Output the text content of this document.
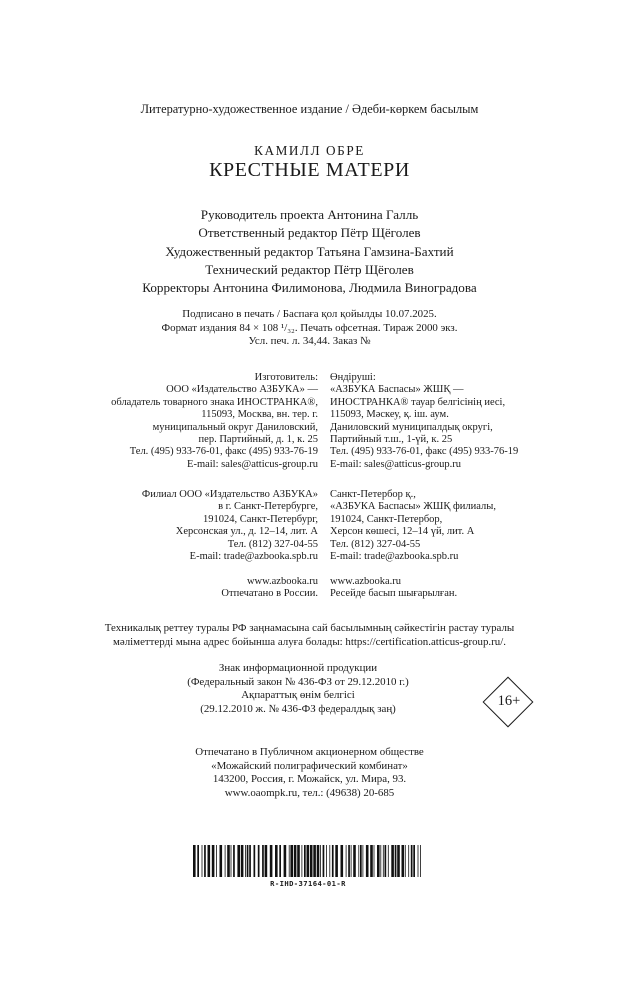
Литературно-художественное издание / Әдеби-көркем басылым
КАМИЛЛ ОБРЕ
КРЕСТНЫЕ МАТЕРИ
Руководитель проекта Антонина Галль
Ответственный редактор Пётр Щёголев
Художественный редактор Татьяна Гамзина-Бахтий
Технический редактор Пётр Щёголев
Корректоры Антонина Филимонова, Людмила Виноградова
Подписано в печать / Баспаға қол қойылды 10.07.2025.
Формат издания 84 × 108 ¹/₃₂. Печать офсетная. Тираж 2000 экз.
Усл. печ. л. 34,44. Заказ №
Изготовитель:
ООО «Издательство АЗБУКА» —
обладатель товарного знака ИНОСТРАНКА®,
115093, Москва, вн. тер. г.
муниципальный округ Даниловский,
пер. Партийный, д. 1, к. 25
Тел. (495) 933-76-01, факс (495) 933-76-19
E-mail: sales@atticus-group.ru
Өндіруші:
«АЗБУКА Баспасы» ЖШҚ —
ИНОСТРАНКА® тауар белгісінің иесі,
115093, Мәскеу, қ. іш. аум.
Даниловский муниципалдық округі,
Партийный т.ш., 1-үй, к. 25
Тел. (495) 933-76-01, факс (495) 933-76-19
E-mail: sales@atticus-group.ru
Филиал ООО «Издательство АЗБУКА»
в г. Санкт-Петербурге,
191024, Санкт-Петербург,
Херсонская ул., д. 12–14, лит. А
Тел. (812) 327-04-55
E-mail: trade@azbooka.spb.ru
Санкт-Петербор қ.,
«АЗБУКА Баспасы» ЖШҚ филиалы,
191024, Санкт-Петербор,
Херсон көшесі, 12–14 үй, лит. А
Тел. (812) 327-04-55
E-mail: trade@azbooka.spb.ru
www.azbooka.ru
Отпечатано в России.
www.azbooka.ru
Ресейде басып шығарылған.
Техникалық реттеу туралы РФ заңнамасына сай басылымның сәйкестігін растау туралы
мәліметтерді мына адрес бойынша алуға болады: https://certification.atticus-group.ru/.
Знак информационной продукции
(Федеральный закон № 436-ФЗ от 29.12.2010 г.)
Ақпараттық өнім белгісі
(29.12.2010 ж. № 436-ФЗ федералдық заң)	16+
Отпечатано в Публичном акционерном обществе
«Можайский полиграфический комбинат»
143200, Россия, г. Можайск, ул. Мира, 93.
www.oaompk.ru, тел.: (49638) 20-685
R-IHD-37164-01-R
